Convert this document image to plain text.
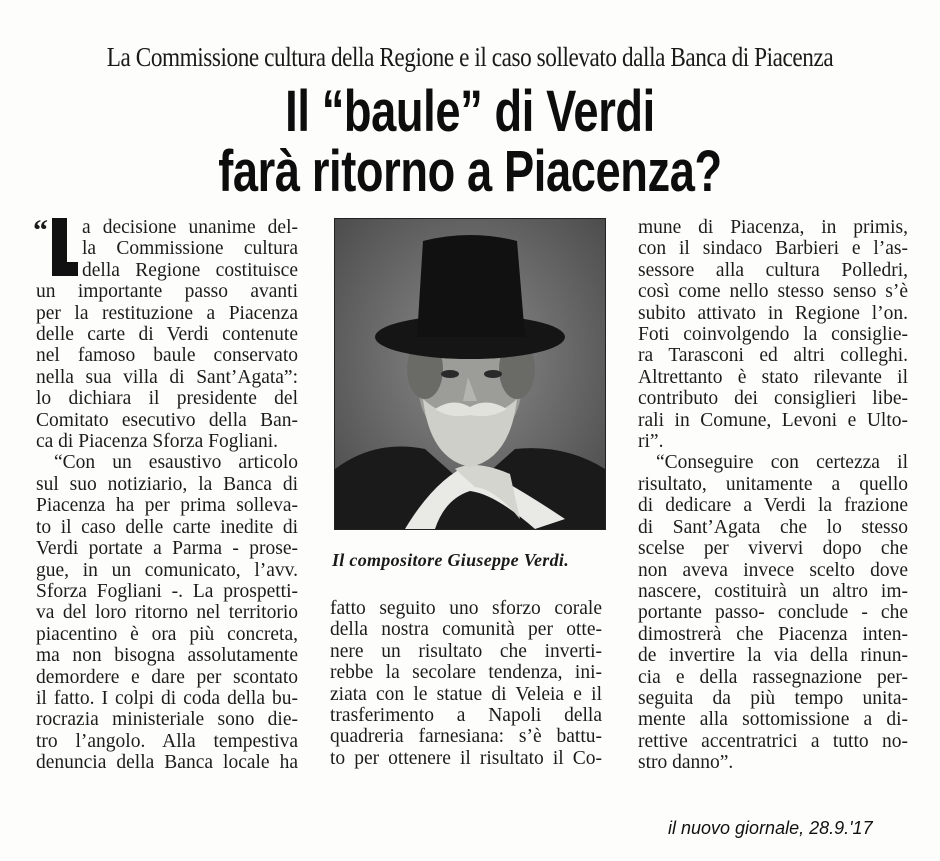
La Commissione cultura della Regione e il caso sollevato dalla Banca di Piacenza
Il “baule” di Verdi
farà ritorno a Piacenza?
“	a decisione unanime del-
la Commissione cultura
della Regione costituisce
un importante passo avanti
per la restituzione a Piacenza
delle carte di Verdi contenute
nel famoso baule conservato
nella sua villa di Sant’Agata”:
lo dichiara il presidente del
Comitato esecutivo della Ban-
ca di Piacenza Sforza Fogliani.
“Con un esaustivo articolo
sul suo notiziario, la Banca di
Piacenza ha per prima solleva-
to il caso delle carte inedite di
Verdi portate a Parma - prose-
gue, in un comunicato, l’avv.
Sforza Fogliani -. La prospetti-
va del loro ritorno nel territorio
piacentino è ora più concreta,
ma non bisogna assolutamente
demordere e dare per scontato
il fatto. I colpi di coda della bu-
rocrazia ministeriale sono die-
tro l’angolo. Alla tempestiva
denuncia della Banca locale ha
Il compositore Giuseppe Verdi.
fatto seguito uno sforzo corale
della nostra comunità per otte-
nere un risultato che inverti-
rebbe la secolare tendenza, ini-
ziata con le statue di Veleia e il
trasferimento a Napoli della
quadreria farnesiana: s’è battu-
to per ottenere il risultato il Co-
mune di Piacenza, in primis,
con il sindaco Barbieri e l’as-
sessore alla cultura Polledri,
così come nello stesso senso s’è
subito attivato in Regione l’on.
Foti coinvolgendo la consiglie-
ra Tarasconi ed altri colleghi.
Altrettanto è stato rilevante il
contributo dei consiglieri libe-
rali in Comune, Levoni e Ulto-
ri”.
“Conseguire con certezza il
risultato, unitamente a quello
di dedicare a Verdi la frazione
di Sant’Agata che lo stesso
scelse per vivervi dopo che
non aveva invece scelto dove
nascere, costituirà un altro im-
portante passo- conclude - che
dimostrerà che Piacenza inten-
de invertire la via della rinun-
cia e della rassegnazione per-
seguita da più tempo unita-
mente alla sottomissione a di-
rettive accentratrici a tutto no-
stro danno”.
il nuovo giornale, 28.9.'17
